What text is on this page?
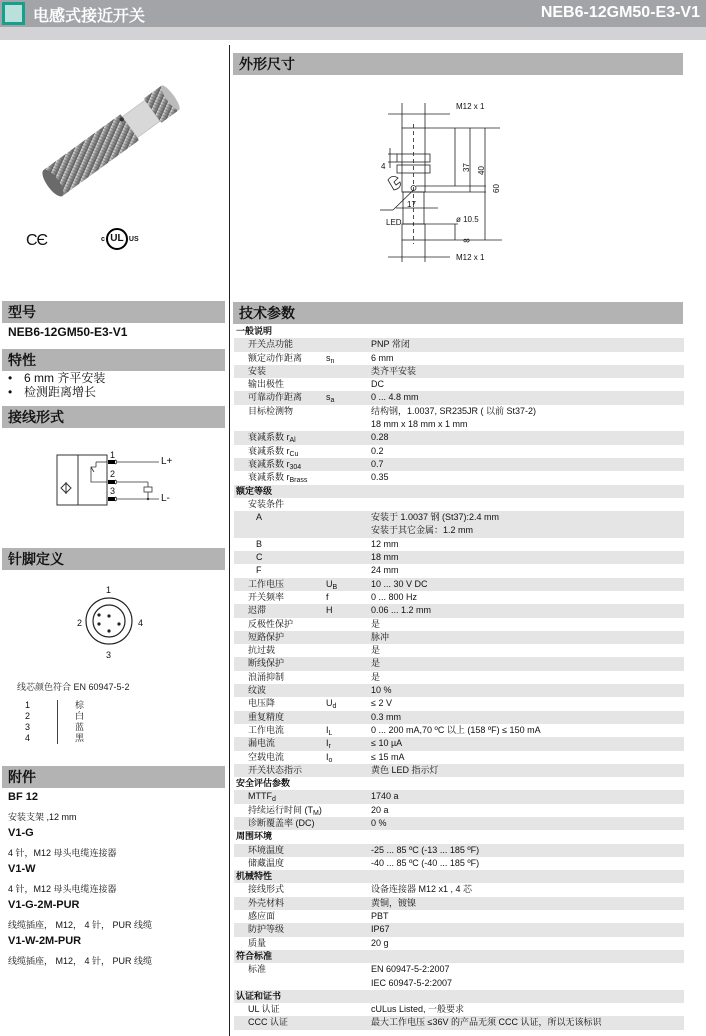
电感式接近开关	NEB6-12GM50-E3-V1
CЄ	c UL US
型号
NEB6-12GM50-E3-V1
特性
• 6 mm 齐平安装
• 检测距离增长
接线形式
1
2
3
L+
L-
针脚定义
1
2
3
4
线芯颜色符合 EN 60947-5-2
1	棕
2	白
3	蓝
4	黑
附件
BF 12
安装支架 ,12 mm
V1-G
4 针，M12 母头电缆连接器
V1-W
4 针，M12 母头电缆连接器
V1-G-2M-PUR
线缆插座， M12， 4 针， PUR 线缆
V1-W-2M-PUR
线缆插座， M12， 4 针， PUR 线缆
外形尺寸
M12 x 1
M12 x 1
4
17
LED	ø 10.5
37 40
60
8
技术参数
一般说明

开关点功能	PNP 常闭
额定动作距离	$s_n$	6 mm
安装	类齐平安装
输出极性	DC
可靠动作距离	$s_a$	0 ... 4.8 mm
目标检测物	结构钢，1.0037, SR235JR ( 以前 St37-2)
18 mm x 18 mm x 1 mm
衰减系数 $r_{Al}$	0.28
衰减系数 $r_{Cu}$	0.2
衰减系数 $r_{304}$	0.7
衰减系数 $r_{Brass}$	0.35
额定等级

安装条件

A	安装于 1.0037 钢 (St37):2.4 mm
安装于其它金属：1.2 mm
B	12 mm
C	18 mm
F	24 mm
工作电压	$U_B$	10 ... 30 V DC
开关频率	f	0 ... 800 Hz
迟滞	H	0.06 ... 1.2 mm
反极性保护	是
短路保护	脉冲
抗过载	是
断线保护	是
浪涌抑制	是
纹波	10 %
电压降	$U_d$	≤ 2 V
重复精度	0.3 mm
工作电流	$I_L$	0 ... 200 mA,70 ºC 以上 (158 ºF) ≤ 150 mA
漏电流	$I_r$	≤ 10 µA
空载电流	$I_o$	≤ 15 mA
开关状态指示	黄色 LED 指示灯
安全评估参数

$MTTF_d$	1740 a
持续运行时间 $(T_M)$	20 a
诊断覆盖率 (DC)	0 %
周围环境

环境温度	-25 ... 85 ºC (-13 ... 185 ºF)
储藏温度	-40 ... 85 ºC (-40 ... 185 ºF)
机械特性

接线形式	设备连接器 M12 x1 , 4 芯
外壳材料	黄铜，镀镍
感应面	PBT
防护等级	IP67
质量	20 g
符合标准

标准	EN 60947-5-2:2007
IEC 60947-5-2:2007
认证和证书

UL 认证	cULus Listed, 一般要求
CCC 认证	最大工作电压 ≤36V 的产品无须 CCC 认证，所以无该标识
